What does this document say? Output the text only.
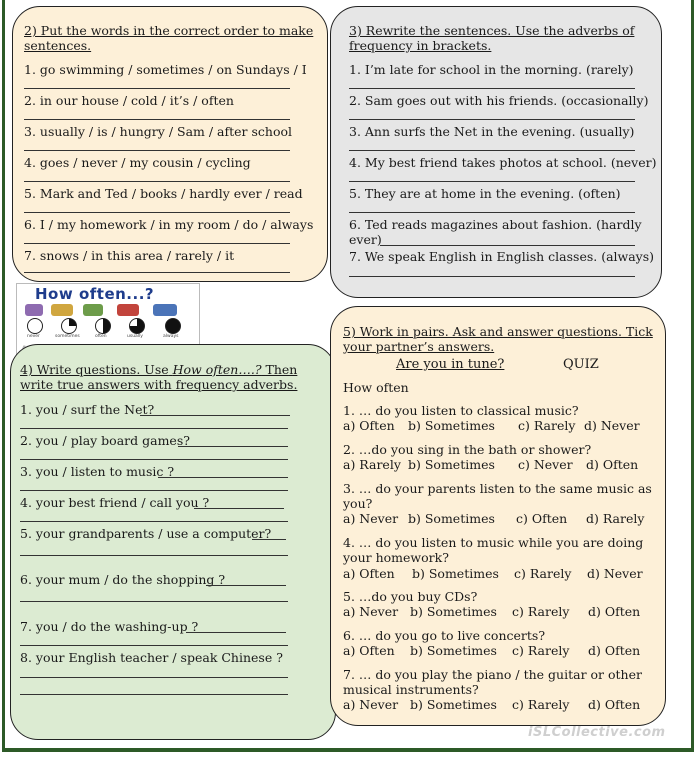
2) Put the words in the correct order to make
sentences.
1. go swimming / sometimes / on Sundays / I
2. in our house / cold / it’s / often
3. usually / is / hungry / Sam / after school
4. goes / never / my cousin / cycling
5. Mark and Ted / books / hardly ever / read
6. I / my homework / in my room / do / always
7. snows / in this area / rarely / it
3) Rewrite the sentences. Use the adverbs of
frequency in brackets.
1. I’m late for school in the morning. (rarely)
2. Sam goes out with his friends. (occasionally)
3. Ann surfs the Net in the evening. (usually)
4. My best friend takes photos at school. (never)
5. They are at home in the evening. (often)
6. Ted reads magazines about fashion. (hardly
ever)
7. We speak English in English classes. (always)
How often...?
never	sometimes	often	usually	always
4) Write questions. Use How often….? Then
write true answers with frequency adverbs.
1. you / surf the Net?
2. you / play board games?
3. you / listen to music ?
4. your best friend / call you ?
5. your grandparents / use a computer?
6. your mum / do the shopping ?
7. you / do the washing-up ?
8. your English teacher / speak Chinese ?
5) Work in pairs. Ask and answer questions. Tick
your partner’s answers.
Are you in tune?	QUIZ
How often
1. … do you listen to classical music?
a) Often b) Sometimes c) Rarely d) Never
2. …do you sing in the bath or shower?
a) Rarely b) Sometimes c) Never d) Often
3. … do your parents listen to the same music as
you?
a) Never b) Sometimes c) Often d) Rarely
4. … do you listen to music while you are doing
your homework?
a) Often b) Sometimes c) Rarely d) Never
5. …do you buy CDs?
a) Never b) Sometimes c) Rarely d) Often
6. … do you go to live concerts?
a) Often b) Sometimes c) Rarely d) Often
7. … do you play the piano / the guitar or other
musical instruments?
a) Never b) Sometimes c) Rarely d) Often
iSLCollective.com
